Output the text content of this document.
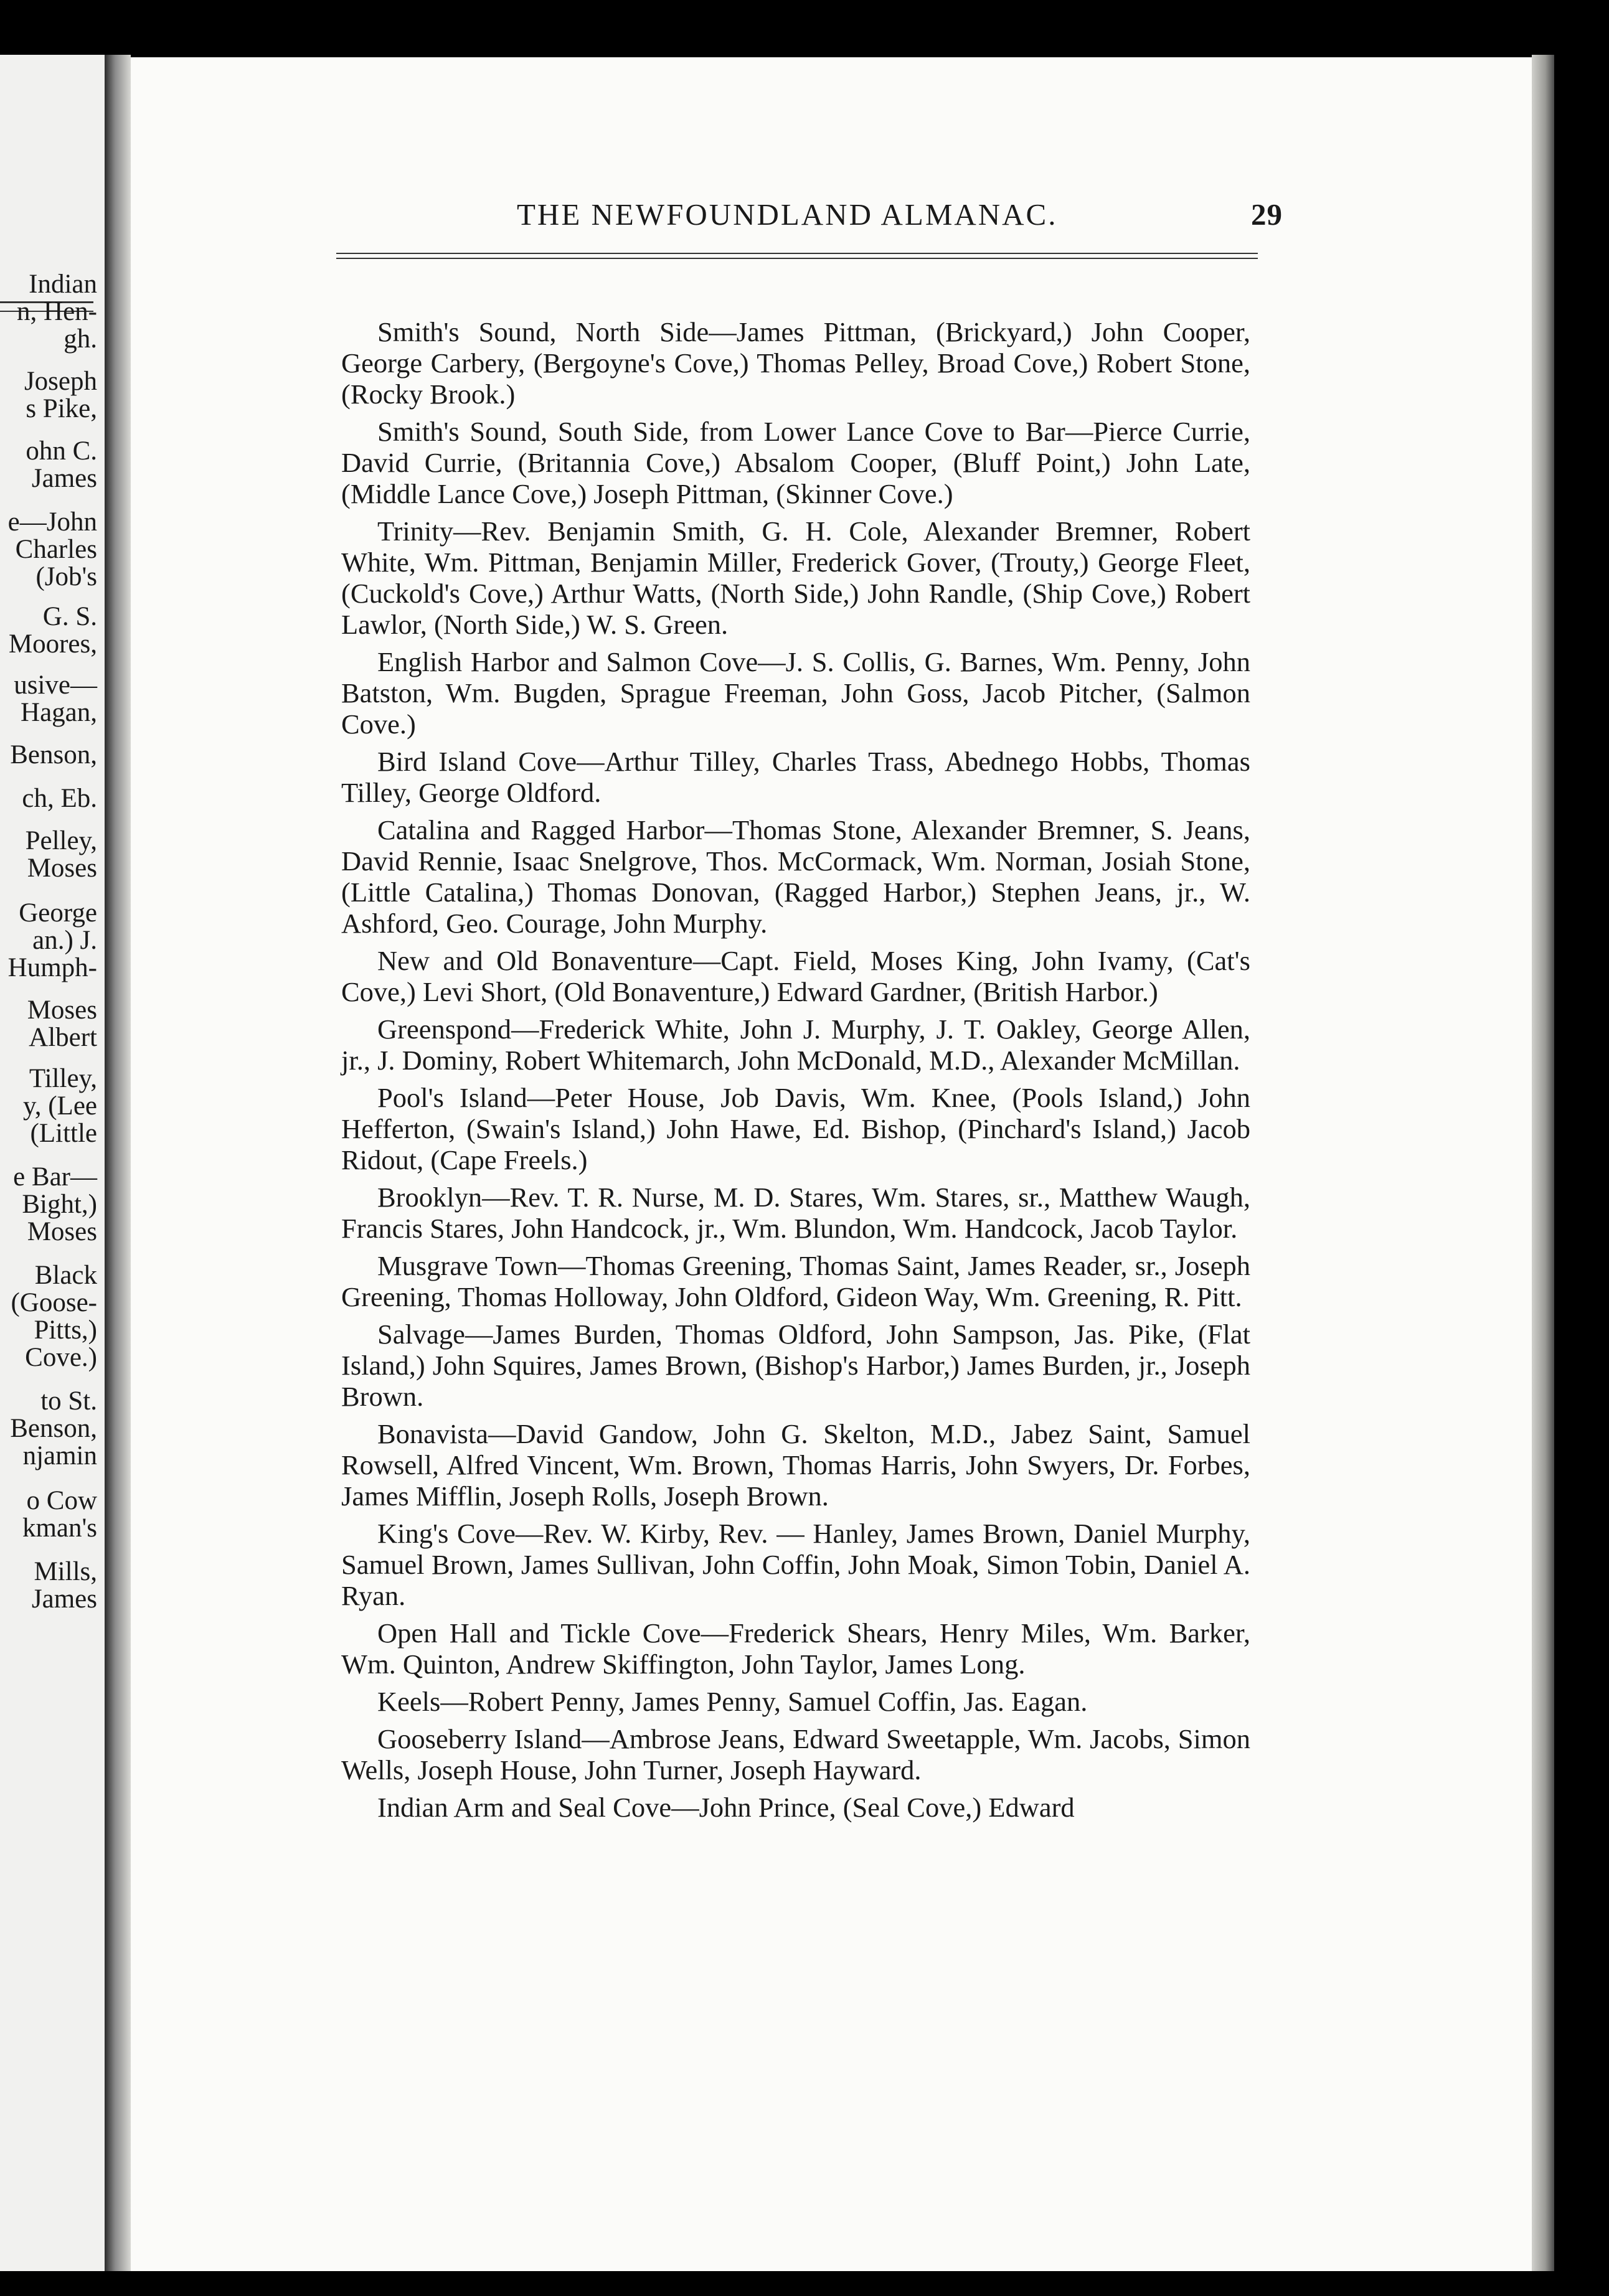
Indian
n, Hen-
gh.
Joseph
s Pike,
ohn C.
James
e—John
Charles
(Job's
G. S.
Moores,
usive—
Hagan,
Benson,
ch, Eb.
Pelley,
Moses
George
an.) J.
Humph-
Moses
Albert
Tilley,
y, (Lee
(Little
e Bar—
Bight,)
Moses
Black
(Goose-
Pitts,)
Cove.)
to St.
Benson,
njamin
o Cow
kman's
Mills,
James
THE NEWFOUNDLAND ALMANAC.	29

Smith's Sound, North Side—James Pittman, (Brickyard,) John Cooper, George Carbery, (Bergoyne's Cove,) Thomas Pelley, Broad Cove,) Robert Stone, (Rocky Brook.)

Smith's Sound, South Side, from Lower Lance Cove to Bar—Pierce Currie, David Currie, (Britannia Cove,) Absalom Cooper, (Bluff Point,) John Late, (Middle Lance Cove,) Joseph Pittman, (Skinner Cove.)

Trinity—Rev. Benjamin Smith, G. H. Cole, Alexander Bremner, Robert White, Wm. Pittman, Benjamin Miller, Frederick Gover, (Trouty,) George Fleet, (Cuckold's Cove,) Arthur Watts, (North Side,) John Randle, (Ship Cove,) Robert Lawlor, (North Side,) W. S. Green.

English Harbor and Salmon Cove—J. S. Collis, G. Barnes, Wm. Penny, John Batston, Wm. Bugden, Sprague Freeman, John Goss, Jacob Pitcher, (Salmon Cove.)

Bird Island Cove—Arthur Tilley, Charles Trass, Abednego Hobbs, Thomas Tilley, George Oldford.

Catalina and Ragged Harbor—Thomas Stone, Alexander Bremner, S. Jeans, David Rennie, Isaac Snelgrove, Thos. McCormack, Wm. Norman, Josiah Stone, (Little Catalina,) Thomas Donovan, (Ragged Harbor,) Stephen Jeans, jr., W. Ashford, Geo. Courage, John Murphy.

New and Old Bonaventure—Capt. Field, Moses King, John Ivamy, (Cat's Cove,) Levi Short, (Old Bonaventure,) Edward Gardner, (British Harbor.)

Greenspond—Frederick White, John J. Murphy, J. T. Oakley, George Allen, jr., J. Dominy, Robert Whitemarch, John McDonald, M.D., Alexander McMillan.

Pool's Island—Peter House, Job Davis, Wm. Knee, (Pools Island,) John Hefferton, (Swain's Island,) John Hawe, Ed. Bishop, (Pinchard's Island,) Jacob Ridout, (Cape Freels.)

Brooklyn—Rev. T. R. Nurse, M. D. Stares, Wm. Stares, sr., Matthew Waugh, Francis Stares, John Handcock, jr., Wm. Blundon, Wm. Handcock, Jacob Taylor.

Musgrave Town—Thomas Greening, Thomas Saint, James Reader, sr., Joseph Greening, Thomas Holloway, John Oldford, Gideon Way, Wm. Greening, R. Pitt.

Salvage—James Burden, Thomas Oldford, John Sampson, Jas. Pike, (Flat Island,) John Squires, James Brown, (Bishop's Harbor,) James Burden, jr., Joseph Brown.

Bonavista—David Gandow, John G. Skelton, M.D., Jabez Saint, Samuel Rowsell, Alfred Vincent, Wm. Brown, Thomas Harris, John Swyers, Dr. Forbes, James Mifflin, Joseph Rolls, Joseph Brown.

King's Cove—Rev. W. Kirby, Rev. — Hanley, James Brown, Daniel Murphy, Samuel Brown, James Sullivan, John Coffin, John Moak, Simon Tobin, Daniel A. Ryan.

Open Hall and Tickle Cove—Frederick Shears, Henry Miles, Wm. Barker, Wm. Quinton, Andrew Skiffington, John Taylor, James Long.

Keels—Robert Penny, James Penny, Samuel Coffin, Jas. Eagan.

Gooseberry Island—Ambrose Jeans, Edward Sweetapple, Wm. Jacobs, Simon Wells, Joseph House, John Turner, Joseph Hayward.

Indian Arm and Seal Cove—John Prince, (Seal Cove,) Edward
